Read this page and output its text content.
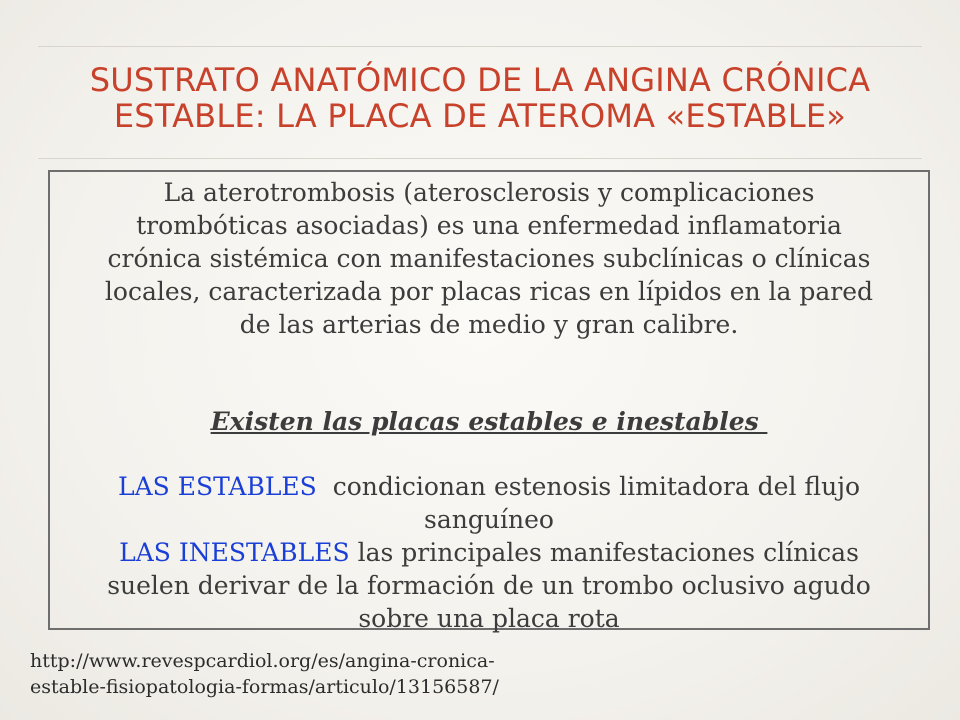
SUSTRATO ANATÓMICO DE LA ANGINA CRÓNICA
ESTABLE: LA PLACA DE ATEROMA «ESTABLE»
La aterotrombosis (aterosclerosis y complicaciones
trombóticas asociadas) es una enfermedad inflamatoria
crónica sistémica con manifestaciones subclínicas o clínicas
locales, caracterizada por placas ricas en lípidos en la pared
de las arterias de medio y gran calibre.
Existen las placas estables e inestables
LAS ESTABLES  condicionan estenosis limitadora del flujo
sanguíneo
LAS INESTABLES las principales manifestaciones clínicas
suelen derivar de la formación de un trombo oclusivo agudo
sobre una placa rota
http://www.revespcardiol.org/es/angina-cronica-
estable-fisiopatologia-formas/articulo/13156587/
